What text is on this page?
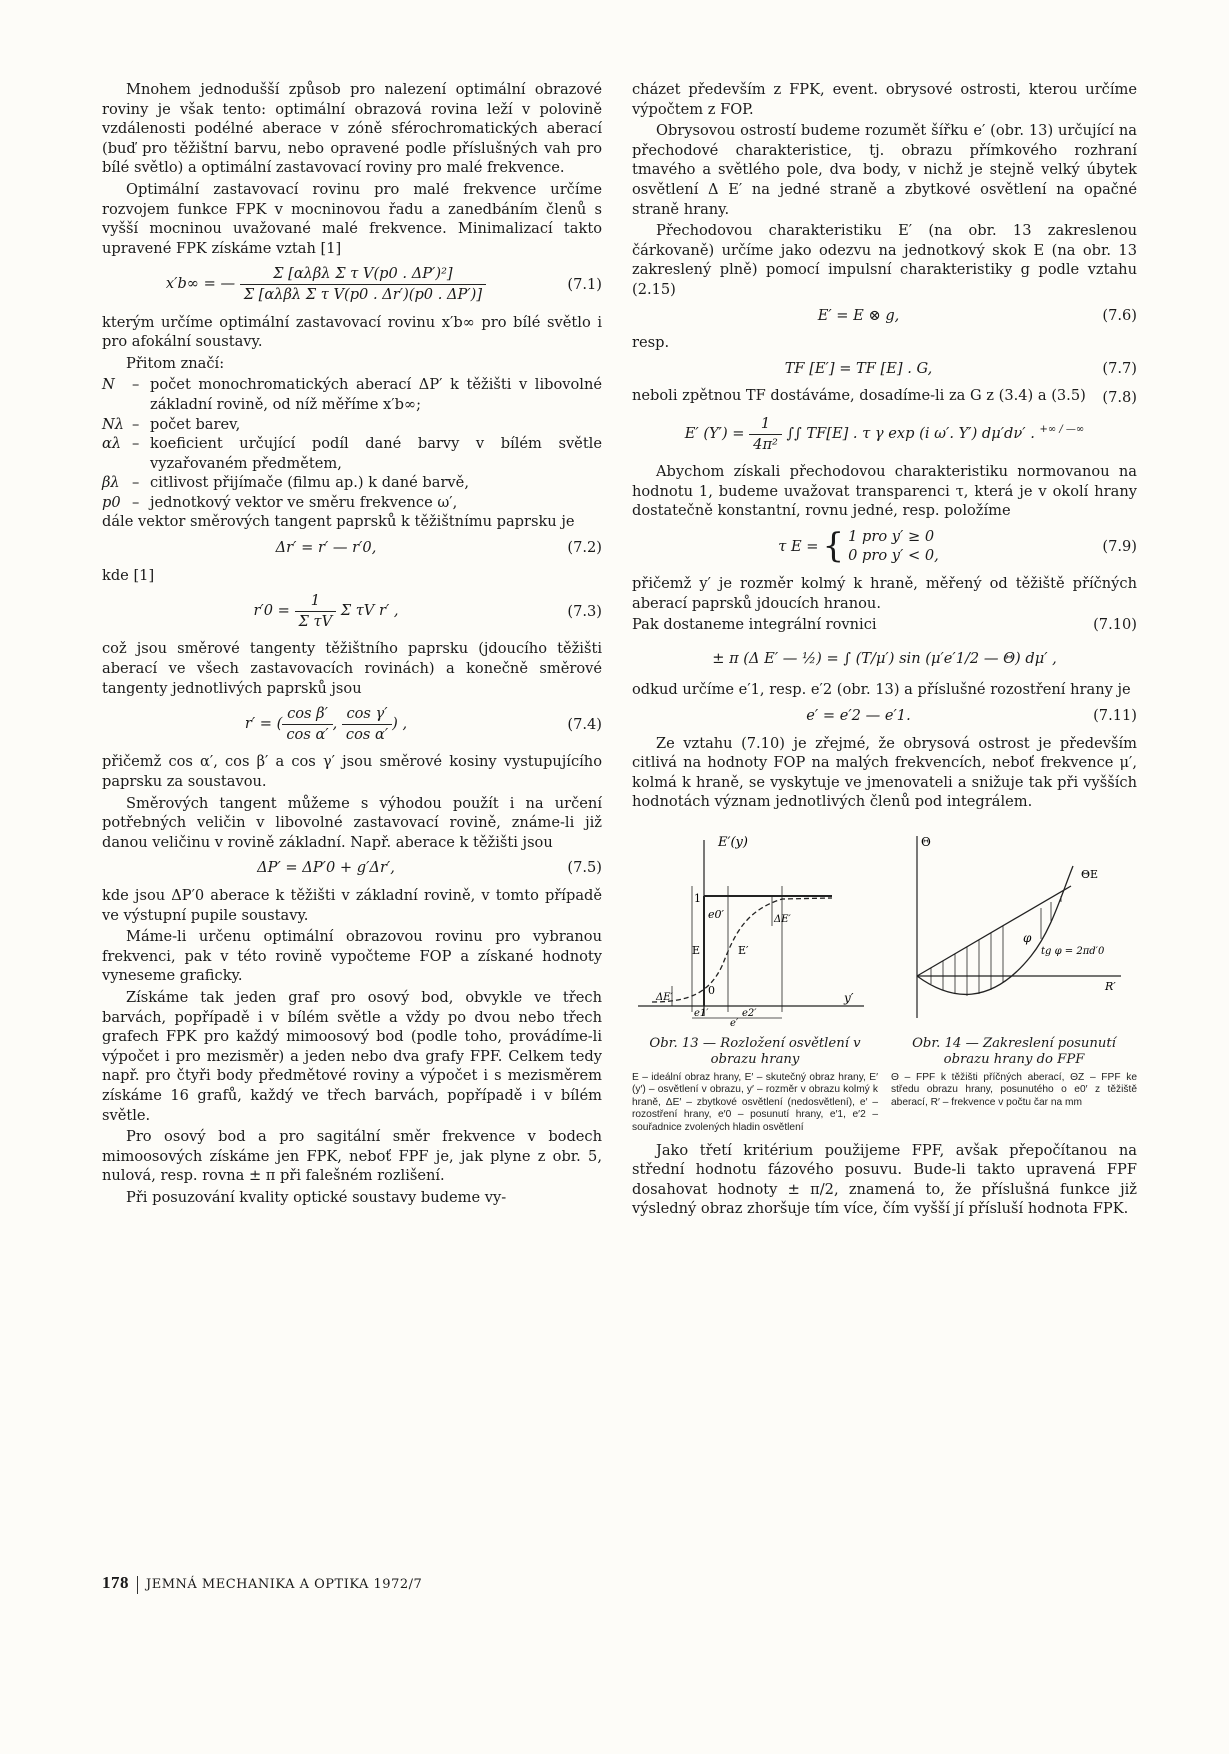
Mnohem jednodušší způsob pro nalezení optimální obrazové roviny je však tento: optimální obrazová rovina leží v polovině vzdálenosti podélné aberace v zóně sférochromatických aberací (buď pro těžištní barvu, nebo opravené podle příslušných vah pro bílé světlo) a optimální zastavovací roviny pro malé frekvence.

Optimální zastavovací rovinu pro malé frekvence určíme rozvojem funkce FPK v mocninovou řadu a zanedbáním členů s vyšší mocninou uvažované malé frekvence. Minimalizací takto upravené FPK získáme vztah [1]

x′b∞ = — $\frac{\text{Σ [αλβλ Σ τ V(p0 . ΔP′)²]}}{\text{Σ [αλβλ Σ τ V(p0 . Δr′)(p0 . ΔP′)]}}$	(7.1)

kterým určíme optimální zastavovací rovinu x′b∞ pro bílé světlo i pro afokální soustavy.

Přitom značí:

N	– počet monochromatických aberací ΔP′ k těžišti v libovolné základní rovině, od níž měříme x′b∞;
Nλ – počet barev,
αλ – koeficient určující podíl dané barvy v bílém světle vyzařovaném předmětem,
βλ – citlivost přijímače (filmu ap.) k dané barvě,
p0 – jednotkový vektor ve směru frekvence ω′,

dále vektor směrových tangent paprsků k těžištnímu paprsku je

Δr′ = r′ — r′0,	(7.2)

kde [1]

$r'0 = \frac{1}{\text{Σ τV}}$ Σ τV r′ ,	(7.3)

což jsou směrové tangenty těžištního paprsku (jdoucího těžišti aberací ve všech zastavovacích rovinách) a konečně směrové tangenty jednotlivých paprsků jsou

r′ = ( $\frac{\text{cos β′}}{\text{cos α′}}$ , $\frac{\text{cos γ′}}{\text{cos α′}}$ ) ,	(7.4)

přičemž cos α′, cos β′ a cos γ′ jsou směrové kosiny vystupujícího paprsku za soustavou.

Směrových tangent můžeme s výhodou použít i na určení potřebných veličin v libovolné zastavovací rovině, známe-li již danou veličinu v rovině základní. Např. aberace k těžišti jsou

ΔP′ = ΔP′0 + g′Δr′,	(7.5)

kde jsou ΔP′0 aberace k těžišti v základní rovině, v tomto případě ve výstupní pupile soustavy.

Máme-li určenu optimální obrazovou rovinu pro vybranou frekvenci, pak v této rovině vypočteme FOP a získané hodnoty vyneseme graficky.

Získáme tak jeden graf pro osový bod, obvykle ve třech barvách, popřípadě i v bílém světle a vždy po dvou nebo třech grafech FPK pro každý mimoosový bod (podle toho, provádíme-li výpočet i pro mezisměr) a jeden nebo dva grafy FPF. Celkem tedy např. pro čtyři body předmětové roviny a výpočet i s mezisměrem získáme 16 grafů, každý ve třech barvách, popřípadě i v bílém světle.

Pro osový bod a pro sagitální směr frekvence v bodech mimoosových získáme jen FPK, neboť FPF je, jak plyne z obr. 5, nulová, resp. rovna ± π při falešném rozlišení.

Při posuzování kvality optické soustavy budeme vy-

cházet především z FPK, event. obrysové ostrosti, kterou určíme výpočtem z FOP.

Obrysovou ostrostí budeme rozumět šířku e′ (obr. 13) určující na přechodové charakteristice, tj. obrazu přímkového rozhraní tmavého a světlého pole, dva body, v nichž je stejně velký úbytek osvětlení Δ E′ na jedné straně a zbytkové osvětlení na opačné straně hrany.

Přechodovou charakteristiku E′ (na obr. 13 zakreslenou čárkovaně) určíme jako odezvu na jednotkový skok E (na obr. 13 zakreslený plně) pomocí impulsní charakteristiky g podle vztahu (2.15)

E′ = E ⊗ g,	(7.6)

resp.

TF [E′] = TF [E] . G,	(7.7)

neboli zpětnou TF dostáváme, dosadíme-li za G z (3.4) a (3.5)	(7.8)
E′ $(Y') = \frac{1}{\text{4π²}}$ ∫∫ TF[E] . τ γ exp (i ω′. Y′) dμ′dν′ . +∞ / —∞

Abychom získali přechodovou charakteristiku normovanou na hodnotu 1, budeme uvažovat transparenci τ, která je v okolí hrany dostatečně konstantní, rovnu jedné, resp. položíme

τ E = { 1 pro y′ ≥ 0
0 pro y′ < 0,
(7.9)

přičemž y′ je rozměr kolmý k hraně, měřený od těžiště příčných aberací paprsků jdoucích hranou.

Pak dostaneme integrální rovnici	(7.10)
± π (Δ E′ — ½) = ∫ (T/μ′) sin (μ′e′1/2 — Θ) dμ′ ,

odkud určíme e′1, resp. e′2 (obr. 13) a příslušné rozostření hrany je

e′ = e′2 — e′1.	(7.11)

Ze vztahu (7.10) je zřejmé, že obrysová ostrost je především citlivá na hodnoty FOP na malých frekvencích, neboť frekvence μ′, kolmá k hraně, se vyskytuje ve jmenovateli a snižuje tak při vyšších hodnotách význam jednotlivých členů pod integrálem.

E′(y)
1
e0′
E	E′
ΔE′
ΔE′
0
e1′	e2′
e′
y′
Obr. 13 — Rozložení osvětlení v obrazu hrany
E – ideální obraz hrany, E′ – skutečný obraz hrany, E′(y′) – osvětlení v obrazu, y′ – rozměr v obrazu kolmý k hraně, ΔE′ – zbytkové osvětlení (nedosvětlení), e′ – rozostření hrany, e′0 – posunutí hrany, e′1, e′2 – souřadnice zvolených hladin osvětlení
Θ
ΘE
φ
tg φ = 2πd′0
R′
Obr. 14 — Zakreslení posunutí obrazu hrany do FPF
Θ – FPF k těžišti příčných aberací, ΘZ – FPF ke středu obrazu hrany, posunutého o e0′ z těžiště aberací, R′ – frekvence v počtu čar na mm

Jako třetí kritérium použijeme FPF, avšak přepočítanou na střední hodnotu fázového posuvu. Bude-li takto upravená FPF dosahovat hodnoty ± π/2, znamená to, že příslušná funkce již výsledný obraz zhoršuje tím více, čím vyšší jí přísluší hodnota FPK.

178 JEMNÁ MECHANIKA A OPTIKA 1972/7
